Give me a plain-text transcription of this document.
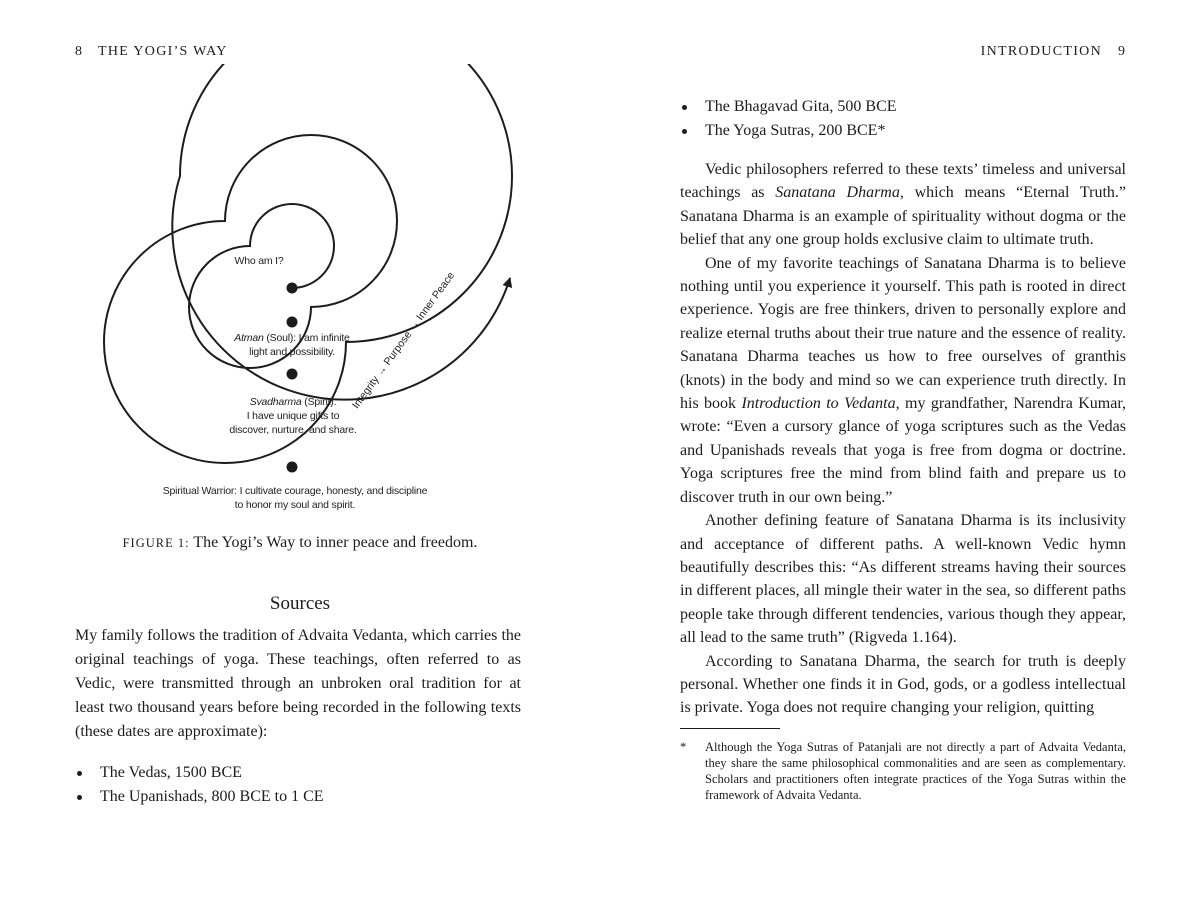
8 THE YOGI’S WAY
Who am I?
Atman (Soul): I am infinite
light and possibility.
Svadharma (Spirit):
I have unique gifts to
discover, nurture, and share.
Spiritual Warrior: I cultivate courage, honesty, and discipline
to honor my soul and spirit.
Integrity → Purpose → Inner Peace
FIGURE 1: The Yogi’s Way to inner peace and freedom.
Sources

My family follows the tradition of Advaita Vedanta, which carries the original teachings of yoga. These teachings, often referred to as Vedic, were transmitted through an unbroken oral tradition for at least two thousand years before being recorded in the following texts (these dates are approximate):

The Vedas, 1500 BCE
The Upanishads, 800 BCE to 1 CE
INTRODUCTION 9
The Bhagavad Gita, 500 BCE
The Yoga Sutras, 200 BCE*

Vedic philosophers referred to these texts’ timeless and universal teachings as Sanatana Dharma, which means “Eternal Truth.” Sanatana Dharma is an example of spirituality without dogma or the belief that any one group holds exclusive claim to ultimate truth.

One of my favorite teachings of Sanatana Dharma is to believe nothing until you experience it yourself. This path is rooted in direct experience. Yogis are free thinkers, driven to personally explore and realize eternal truths about their true nature and the essence of reality. Sanatana Dharma teaches us how to free ourselves of granthis (knots) in the body and mind so we can experience truth directly. In his book Introduction to Vedanta, my grandfather, Narendra Kumar, wrote: “Even a cursory glance of yoga scriptures such as the Vedas and Upanishads reveals that yoga is free from dogma or doctrine. Yoga scriptures free the mind from blind faith and prepare us to discover truth in our own being.”

Another defining feature of Sanatana Dharma is its inclusivity and acceptance of different paths. A well-known Vedic hymn beautifully describes this: “As different streams having their sources in different places, all mingle their water in the sea, so different paths people take through different tendencies, various though they appear, all lead to the same truth” (Rigveda 1.164).

According to Sanatana Dharma, the search for truth is deeply personal. Whether one finds it in God, gods, or a godless intellectual is private. Yoga does not require changing your religion, quitting

* Although the Yoga Sutras of Patanjali are not directly a part of Advaita Vedanta, they share the same philosophical commonalities and are seen as complementary. Scholars and practitioners often integrate practices of the Yoga Sutras within the framework of Advaita Vedanta.
